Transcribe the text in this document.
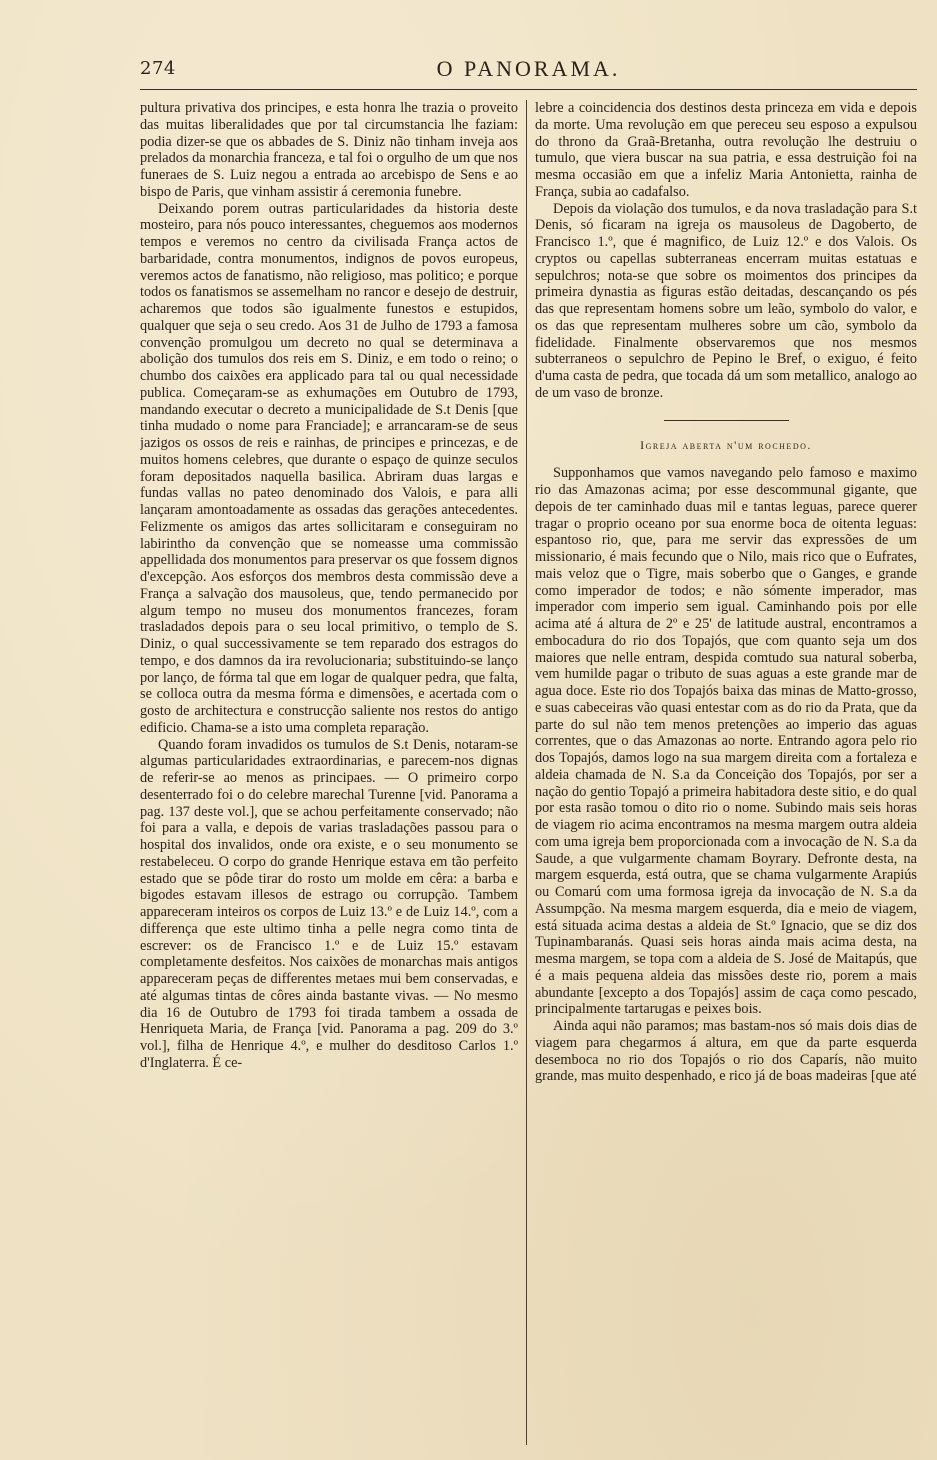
274	O PANORAMA.

pultura privativa dos principes, e esta honra lhe trazia o proveito das muitas liberalidades que por tal circumstancia lhe faziam: podia dizer-se que os abbades de S. Diniz não tinham inveja aos prelados da monarchia franceza, e tal foi o orgulho de um que nos funeraes de S. Luiz negou a entrada ao arcebispo de Sens e ao bispo de Paris, que vinham assistir á ceremonia funebre.

Deixando porem outras particularidades da historia deste mosteiro, para nós pouco interessantes, cheguemos aos modernos tempos e veremos no centro da civilisada França actos de barbaridade, contra monumentos, indignos de povos europeus, veremos actos de fanatismo, não religioso, mas politico; e porque todos os fanatismos se assemelham no rancor e desejo de destruir, acharemos que todos são igualmente funestos e estupidos, qualquer que seja o seu credo. Aos 31 de Julho de 1793 a famosa convenção promulgou um decreto no qual se determinava a abolição dos tumulos dos reis em S. Diniz, e em todo o reino; o chumbo dos caixões era applicado para tal ou qual necessidade publica. Começaram-se as exhumações em Outubro de 1793, mandando executar o decreto a municipalidade de S.t Denis [que tinha mudado o nome para Franciade]; e arrancaram-se de seus jazigos os ossos de reis e rainhas, de principes e princezas, e de muitos homens celebres, que durante o espaço de quinze seculos foram depositados naquella basilica. Abriram duas largas e fundas vallas no pateo denominado dos Valois, e para alli lançaram amontoadamente as ossadas das gerações antecedentes. Felizmente os amigos das artes sollicitaram e conseguiram no labirintho da convenção que se nomeasse uma commissão appellidada dos monumentos para preservar os que fossem dignos d'excepção. Aos esforços dos membros desta commissão deve a França a salvação dos mausoleus, que, tendo permanecido por algum tempo no museu dos monumentos francezes, foram trasladados depois para o seu local primitivo, o templo de S. Diniz, o qual successivamente se tem reparado dos estragos do tempo, e dos damnos da ira revolucionaria; substituindo-se lanço por lanço, de fórma tal que em logar de qualquer pedra, que falta, se colloca outra da mesma fórma e dimensões, e acertada com o gosto de architectura e construcção saliente nos restos do antigo edificio. Chama-se a isto uma completa reparação.

Quando foram invadidos os tumulos de S.t Denis, notaram-se algumas particularidades extraordinarias, e parecem-nos dignas de referir-se ao menos as principaes. — O primeiro corpo desenterrado foi o do celebre marechal Turenne [vid. Panorama a pag. 137 deste vol.], que se achou perfeitamente conservado; não foi para a valla, e depois de varias trasladações passou para o hospital dos invalidos, onde ora existe, e o seu monumento se restabeleceu. O corpo do grande Henrique estava em tão perfeito estado que se pôde tirar do rosto um molde em cêra: a barba e bigodes estavam illesos de estrago ou corrupção. Tambem appareceram inteiros os corpos de Luiz 13.º e de Luiz 14.º, com a differença que este ultimo tinha a pelle negra como tinta de escrever: os de Francisco 1.º e de Luiz 15.º estavam completamente desfeitos. Nos caixões de monarchas mais antigos appareceram peças de differentes metaes mui bem conservadas, e até algumas tintas de côres ainda bastante vivas. — No mesmo dia 16 de Outubro de 1793 foi tirada tambem a ossada de Henriqueta Maria, de França [vid. Panorama a pag. 209 do 3.º vol.], filha de Henrique 4.º, e mulher do desditoso Carlos 1.º d'Inglaterra. É ce-

lebre a coincidencia dos destinos desta princeza em vida e depois da morte. Uma revolução em que pereceu seu esposo a expulsou do throno da Graã-Bretanha, outra revolução lhe destruiu o tumulo, que viera buscar na sua patria, e essa destruição foi na mesma occasião em que a infeliz Maria Antonietta, rainha de França, subia ao cadafalso.

Depois da violação dos tumulos, e da nova trasladação para S.t Denis, só ficaram na igreja os mausoleus de Dagoberto, de Francisco 1.º, que é magnifico, de Luiz 12.º e dos Valois. Os cryptos ou capellas subterraneas encerram muitas estatuas e sepulchros; nota-se que sobre os moimentos dos principes da primeira dynastia as figuras estão deitadas, descançando os pés das que representam homens sobre um leão, symbolo do valor, e os das que representam mulheres sobre um cão, symbolo da fidelidade. Finalmente observaremos que nos mesmos subterraneos o sepulchro de Pepino le Bref, o exiguo, é feito d'uma casta de pedra, que tocada dá um som metallico, analogo ao de um vaso de bronze.

Igreja aberta n'um rochedo.

Supponhamos que vamos navegando pelo famoso e maximo rio das Amazonas acima; por esse descommunal gigante, que depois de ter caminhado duas mil e tantas leguas, parece querer tragar o proprio oceano por sua enorme boca de oitenta leguas: espantoso rio, que, para me servir das expressões de um missionario, é mais fecundo que o Nilo, mais rico que o Eufrates, mais veloz que o Tigre, mais soberbo que o Ganges, e grande como imperador de todos; e não sómente imperador, mas imperador com imperio sem igual. Caminhando pois por elle acima até á altura de 2º e 25' de latitude austral, encontramos a embocadura do rio dos Topajós, que com quanto seja um dos maiores que nelle entram, despida comtudo sua natural soberba, vem humilde pagar o tributo de suas aguas a este grande mar de agua doce. Este rio dos Topajós baixa das minas de Matto-grosso, e suas cabeceiras vão quasi entestar com as do rio da Prata, que da parte do sul não tem menos pretenções ao imperio das aguas correntes, que o das Amazonas ao norte. Entrando agora pelo rio dos Topajós, damos logo na sua margem direita com a fortaleza e aldeia chamada de N. S.a da Conceição dos Topajós, por ser a nação do gentio Topajó a primeira habitadora deste sitio, e do qual por esta rasão tomou o dito rio o nome. Subindo mais seis horas de viagem rio acima encontramos na mesma margem outra aldeia com uma igreja bem proporcionada com a invocação de N. S.a da Saude, a que vulgarmente chamam Boyrary. Defronte desta, na margem esquerda, está outra, que se chama vulgarmente Arapiús ou Comarú com uma formosa igreja da invocação de N. S.a da Assumpção. Na mesma margem esquerda, dia e meio de viagem, está situada acima destas a aldeia de St.º Ignacio, que se diz dos Tupinambaranás. Quasi seis horas ainda mais acima desta, na mesma margem, se topa com a aldeia de S. José de Maitapús, que é a mais pequena aldeia das missões deste rio, porem a mais abundante [excepto a dos Topajós] assim de caça como pescado, principalmente tartarugas e peixes bois.

Ainda aqui não paramos; mas bastam-nos só mais dois dias de viagem para chegarmos á altura, em que da parte esquerda desemboca no rio dos Topajós o rio dos Caparís, não muito grande, mas muito despenhado, e rico já de boas madeiras [que até
